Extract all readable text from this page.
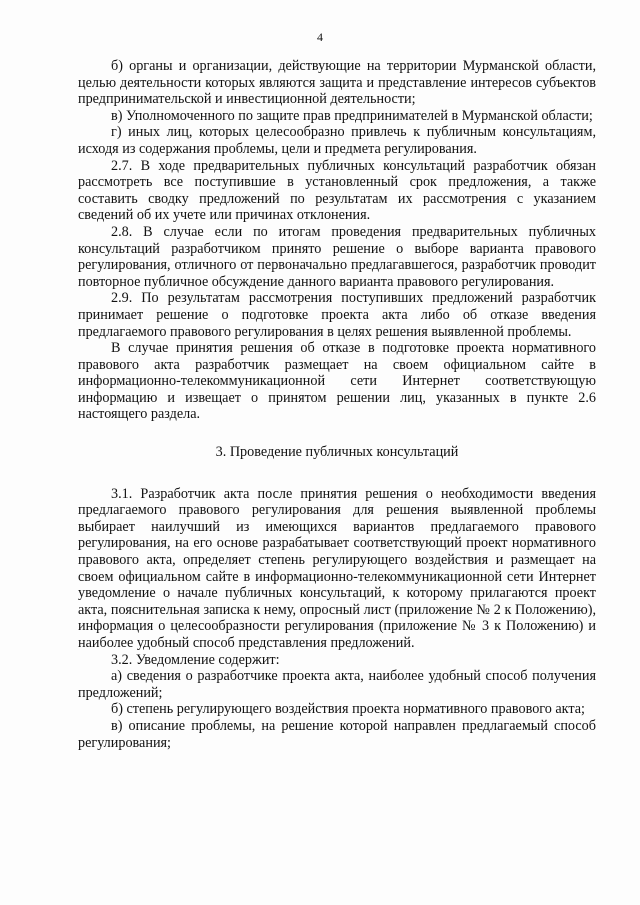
4

б) органы и организации, действующие на территории Мурманской области, целью деятельности которых являются защита и представление интересов субъектов предпринимательской и инвестиционной деятельности;

в) Уполномоченного по защите прав предпринимателей в Мурманской области;

г) иных лиц, которых целесообразно привлечь к публичным консультациям, исходя из содержания проблемы, цели и предмета регулирования.

2.7. В ходе предварительных публичных консультаций разработчик обязан рассмотреть все поступившие в установленный срок предложения, а также составить сводку предложений по результатам их рассмотрения с указанием сведений об их учете или причинах отклонения.

2.8. В случае если по итогам проведения предварительных публичных консультаций разработчиком принято решение о выборе варианта правового регулирования, отличного от первоначально предлагавшегося, разработчик проводит повторное публичное обсуждение данного варианта правового регулирования.

2.9. По результатам рассмотрения поступивших предложений разработчик принимает решение о подготовке проекта акта либо об отказе введения предлагаемого правового регулирования в целях решения выявленной проблемы.

В случае принятия решения об отказе в подготовке проекта нормативного правового акта разработчик размещает на своем официальном сайте в информационно-телекоммуникационной сети Интернет соответствующую информацию и извещает о принятом решении лиц, указанных в пункте 2.6 настоящего раздела.

3. Проведение публичных консультаций

3.1. Разработчик акта после принятия решения о необходимости введения предлагаемого правового регулирования для решения выявленной проблемы выбирает наилучший из имеющихся вариантов предлагаемого правового регулирования, на его основе разрабатывает соответствующий проект нормативного правового акта, определяет степень регулирующего воздействия и размещает на своем официальном сайте в информационно-телекоммуникационной сети Интернет уведомление о начале публичных консультаций, к которому прилагаются проект акта, пояснительная записка к нему, опросный лист (приложение № 2 к Положению), информация о целесообразности регулирования (приложение № 3 к Положению) и наиболее удобный способ представления предложений.

3.2. Уведомление содержит:

а) сведения о разработчике проекта акта, наиболее удобный способ получения предложений;

б) степень регулирующего воздействия проекта нормативного правового акта;

в) описание проблемы, на решение которой направлен предлагаемый способ регулирования;
